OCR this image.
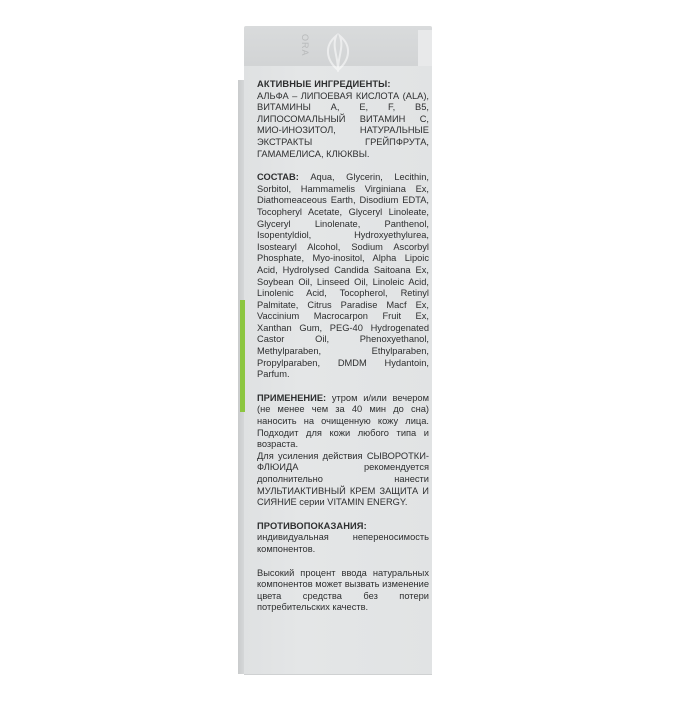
ORA
АКТИВНЫЕ ИНГРЕДИЕНТЫ:
АЛЬФА – ЛИПОЕВАЯ КИСЛОТА (ALA), ВИТАМИНЫ A, E, F, B5, ЛИПОСОМАЛЬНЫЙ ВИТАМИН С, МИО-ИНОЗИТОЛ, НАТУРАЛЬНЫЕ ЭКСТРАКТЫ ГРЕЙПФРУТА, ГАМАМЕЛИСА, КЛЮКВЫ.
СОСТАВ: Aqua, Glycerin, Lecithin, Sorbitol, Hammamelis Virginiana Ex, Diathomeaceous Earth, Disodium EDTA, Tocopheryl Acetate, Glyceryl Linoleate, Glyceryl Linolenate, Panthenol, Isopentyldiol, Hydroxyethylurea, Isostearyl Alcohol, Sodium Ascorbyl Phosphate, Myo-inositol, Alpha Lipoic Acid, Hydrolysed Candida Saitoana Ex, Soybean Oil, Linseed Oil, Linoleic Acid, Linolenic Acid, Tocopherol, Retinyl Palmitate, Citrus Paradise Macf Ex, Vaccinium Macrocarpon Fruit Ex, Xanthan Gum, PEG-40 Hydrogenated Castor Oil, Phenoxyethanol, Methylparaben, Ethylparaben, Propylparaben, DMDM Hydantoin, Parfum.
ПРИМЕНЕНИЕ: утром и/или вечером (не менее чем за 40 мин до сна) наносить на очищенную кожу лица. Подходит для кожи любого типа и возраста.
Для усиления действия СЫВОРОТКИ-ФЛЮИДА рекомендуется дополнительно нанести МУЛЬТИАКТИВНЫЙ КРЕМ ЗАЩИТА И СИЯНИЕ серии VITAMIN ENERGY.
ПРОТИВОПОКАЗАНИЯ:
индивидуальная непереносимость компонентов.
Высокий процент ввода натуральных компонентов может вызвать изменение цвета средства без потери потребительских качеств.
